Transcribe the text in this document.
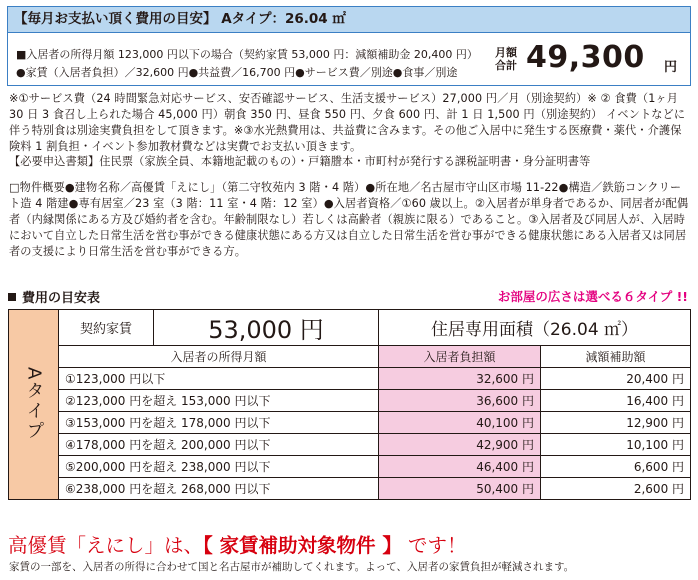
【毎月お支払い頂く費用の目安】 Aタイプ：26.04 ㎡
■入居者の所得月額 123,000 円以下の場合（契約家賃 53,000 円：減額補助金 20,400 円）
●家賃（入居者負担）／32,600 円●共益費／16,700 円●サービス費／別途●食事／別途
月額
合計 49,300 円

※①サービス費（24 時間緊急対応サービス、安否確認サービス、生活支援サービス）27,000 円／月（別途契約）※ ② 食費（1ヶ月 30 日 3 食召し上られた場合 45,000 円）朝食 350 円、昼食 550 円、夕食 600 円、計 1 日 1,500 円（別途契約） イベントなどに伴う特別食は別途実費負担をして頂きます。※③水光熱費用は、共益費に含みます。その他ご入居中に発生する医療費・薬代・介護保険料 1 割負担・イベント参加教材費などは実費でお支払い頂きます。

【必要申込書類】住民票（家族全員、本籍地記載のもの）・戸籍謄本・市町村が発行する課税証明書・身分証明書等

□物件概要●建物名称／高優賃「えにし」（第二守牧苑内 3 階・4 階）●所在地／名古屋市守山区市場 11-22●構造／鉄筋コンクリート造 4 階建●専有居室／23 室（3 階：11 室・4 階：12 室）●入居者資格／①60 歳以上。②入居者が単身者であるか、同居者が配偶者（内縁関係にある方及び婚約者を含む。年齢制限なし）若しくは高齢者（親族に限る）であること。③入居者及び同居人が、入居時において自立した日常生活を営む事ができる健康状態にある方又は自立した日常生活を営む事ができる健康状態にある入居者又は同居者の支援により日常生活を営む事ができる方。

費用の目安表	お部屋の広さは選べる６タイプ !!
Aタイプ	契約家賃	53,000 円	住居専用面積（26.04 ㎡）	
	入居者の所得月額		入居者負担額	減額補助額
	①123,000 円以下		32,600 円	20,400 円
	②123,000 円を超え 153,000 円以下		36,600 円	16,400 円
	③153,000 円を超え 178,000 円以下		40,100 円	12,900 円
	④178,000 円を超え 200,000 円以下		42,900 円	10,100 円
	⑤200,000 円を超え 238,000 円以下		46,400 円	6,600 円
	⑥238,000 円を超え 268,000 円以下		50,400 円	2,600 円
高優賃「えにし」は、【 家賃補助対象物件 】 です！
家賃の一部を、入居者の所得に合わせて国と名古屋市が補助してくれます。よって、入居者の家賃負担が軽減されます。
